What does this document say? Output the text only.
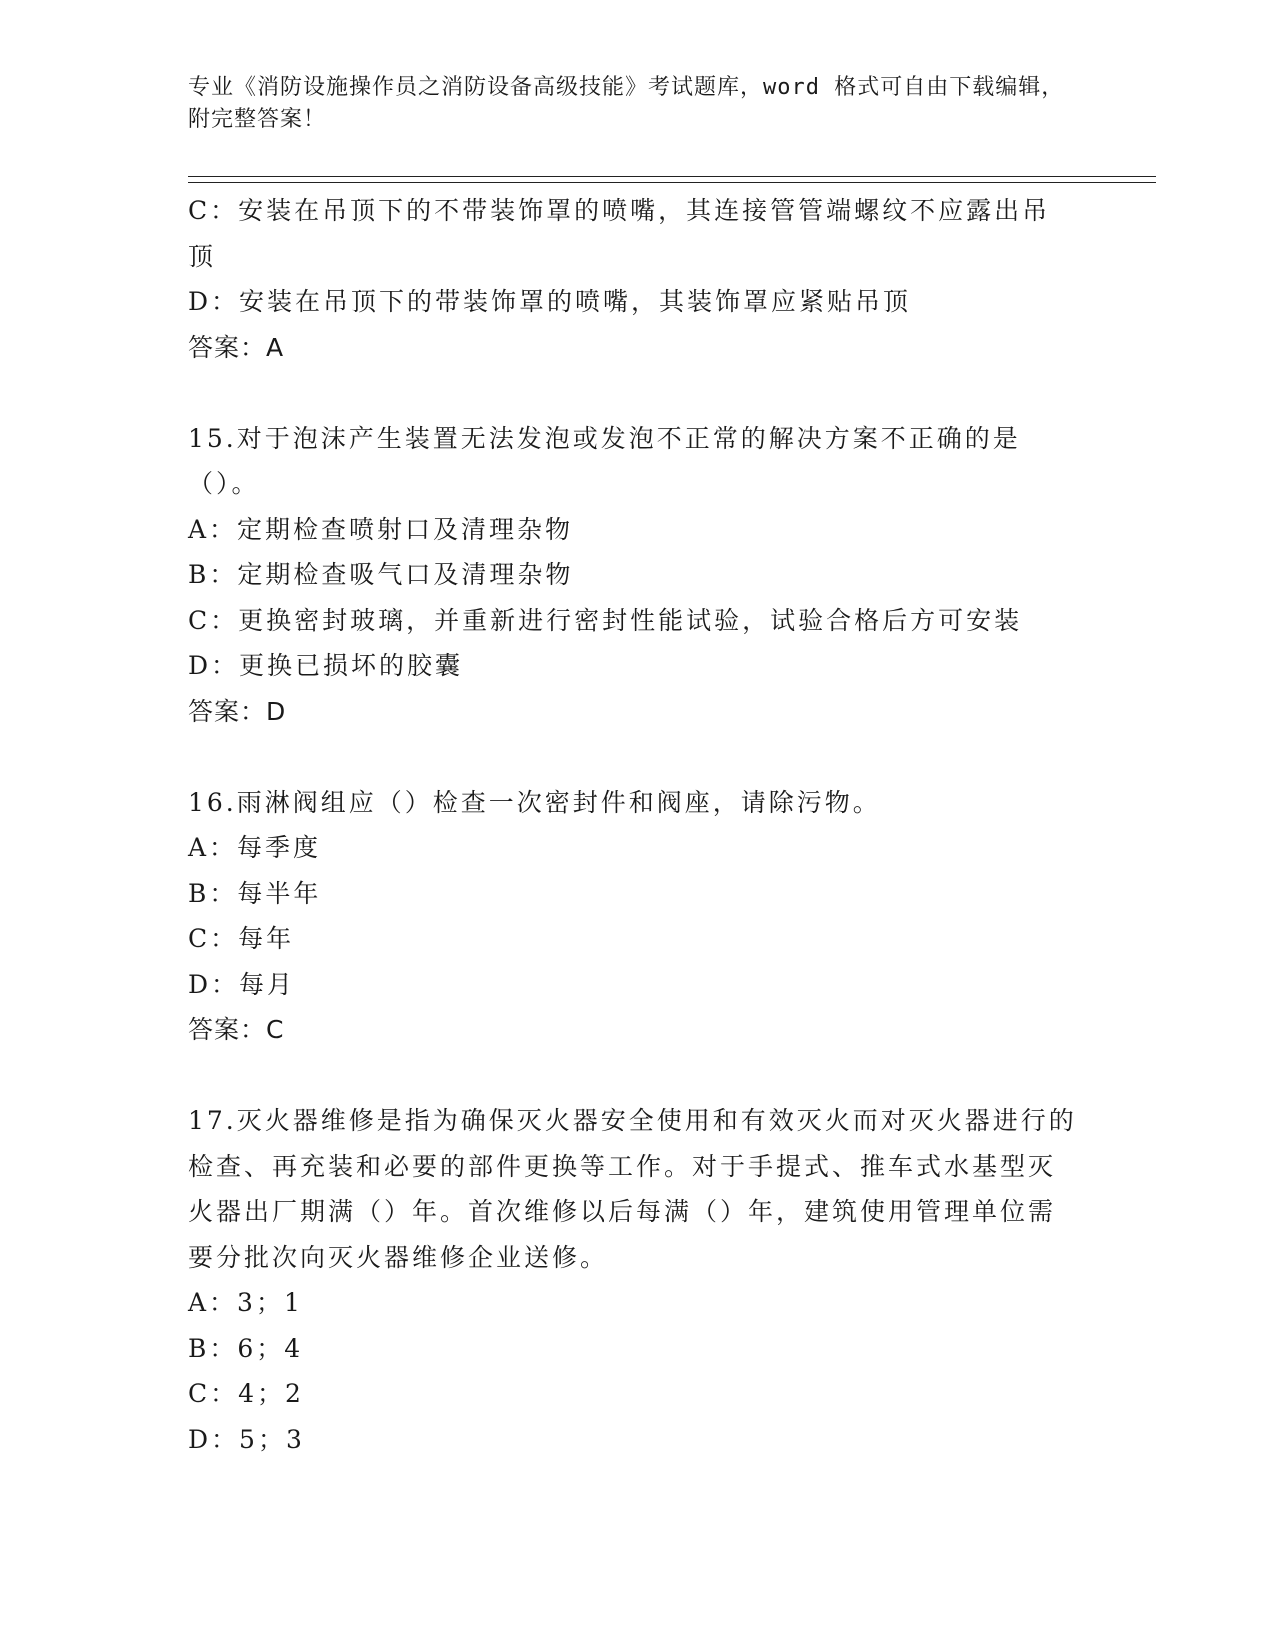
专业《消防设施操作员之消防设备高级技能》考试题库，word 格式可自由下载编辑，附完整答案！
C：安装在吊顶下的不带装饰罩的喷嘴，其连接管管端螺纹不应露出吊顶
D：安装在吊顶下的带装饰罩的喷嘴，其装饰罩应紧贴吊顶
答案：A
15.对于泡沫产生装置无法发泡或发泡不正常的解决方案不正确的是（）。
A：定期检查喷射口及清理杂物
B：定期检查吸气口及清理杂物
C：更换密封玻璃，并重新进行密封性能试验，试验合格后方可安装
D：更换已损坏的胶囊
答案：D
16.雨淋阀组应（）检查一次密封件和阀座，请除污物。
A：每季度
B：每半年
C：每年
D：每月
答案：C
17.灭火器维修是指为确保灭火器安全使用和有效灭火而对灭火器进行的检查、再充装和必要的部件更换等工作。对于手提式、推车式水基型灭火器出厂期满（）年。首次维修以后每满（）年，建筑使用管理单位需要分批次向灭火器维修企业送修。
A：3；1
B：6；4
C：4；2
D：5；3
